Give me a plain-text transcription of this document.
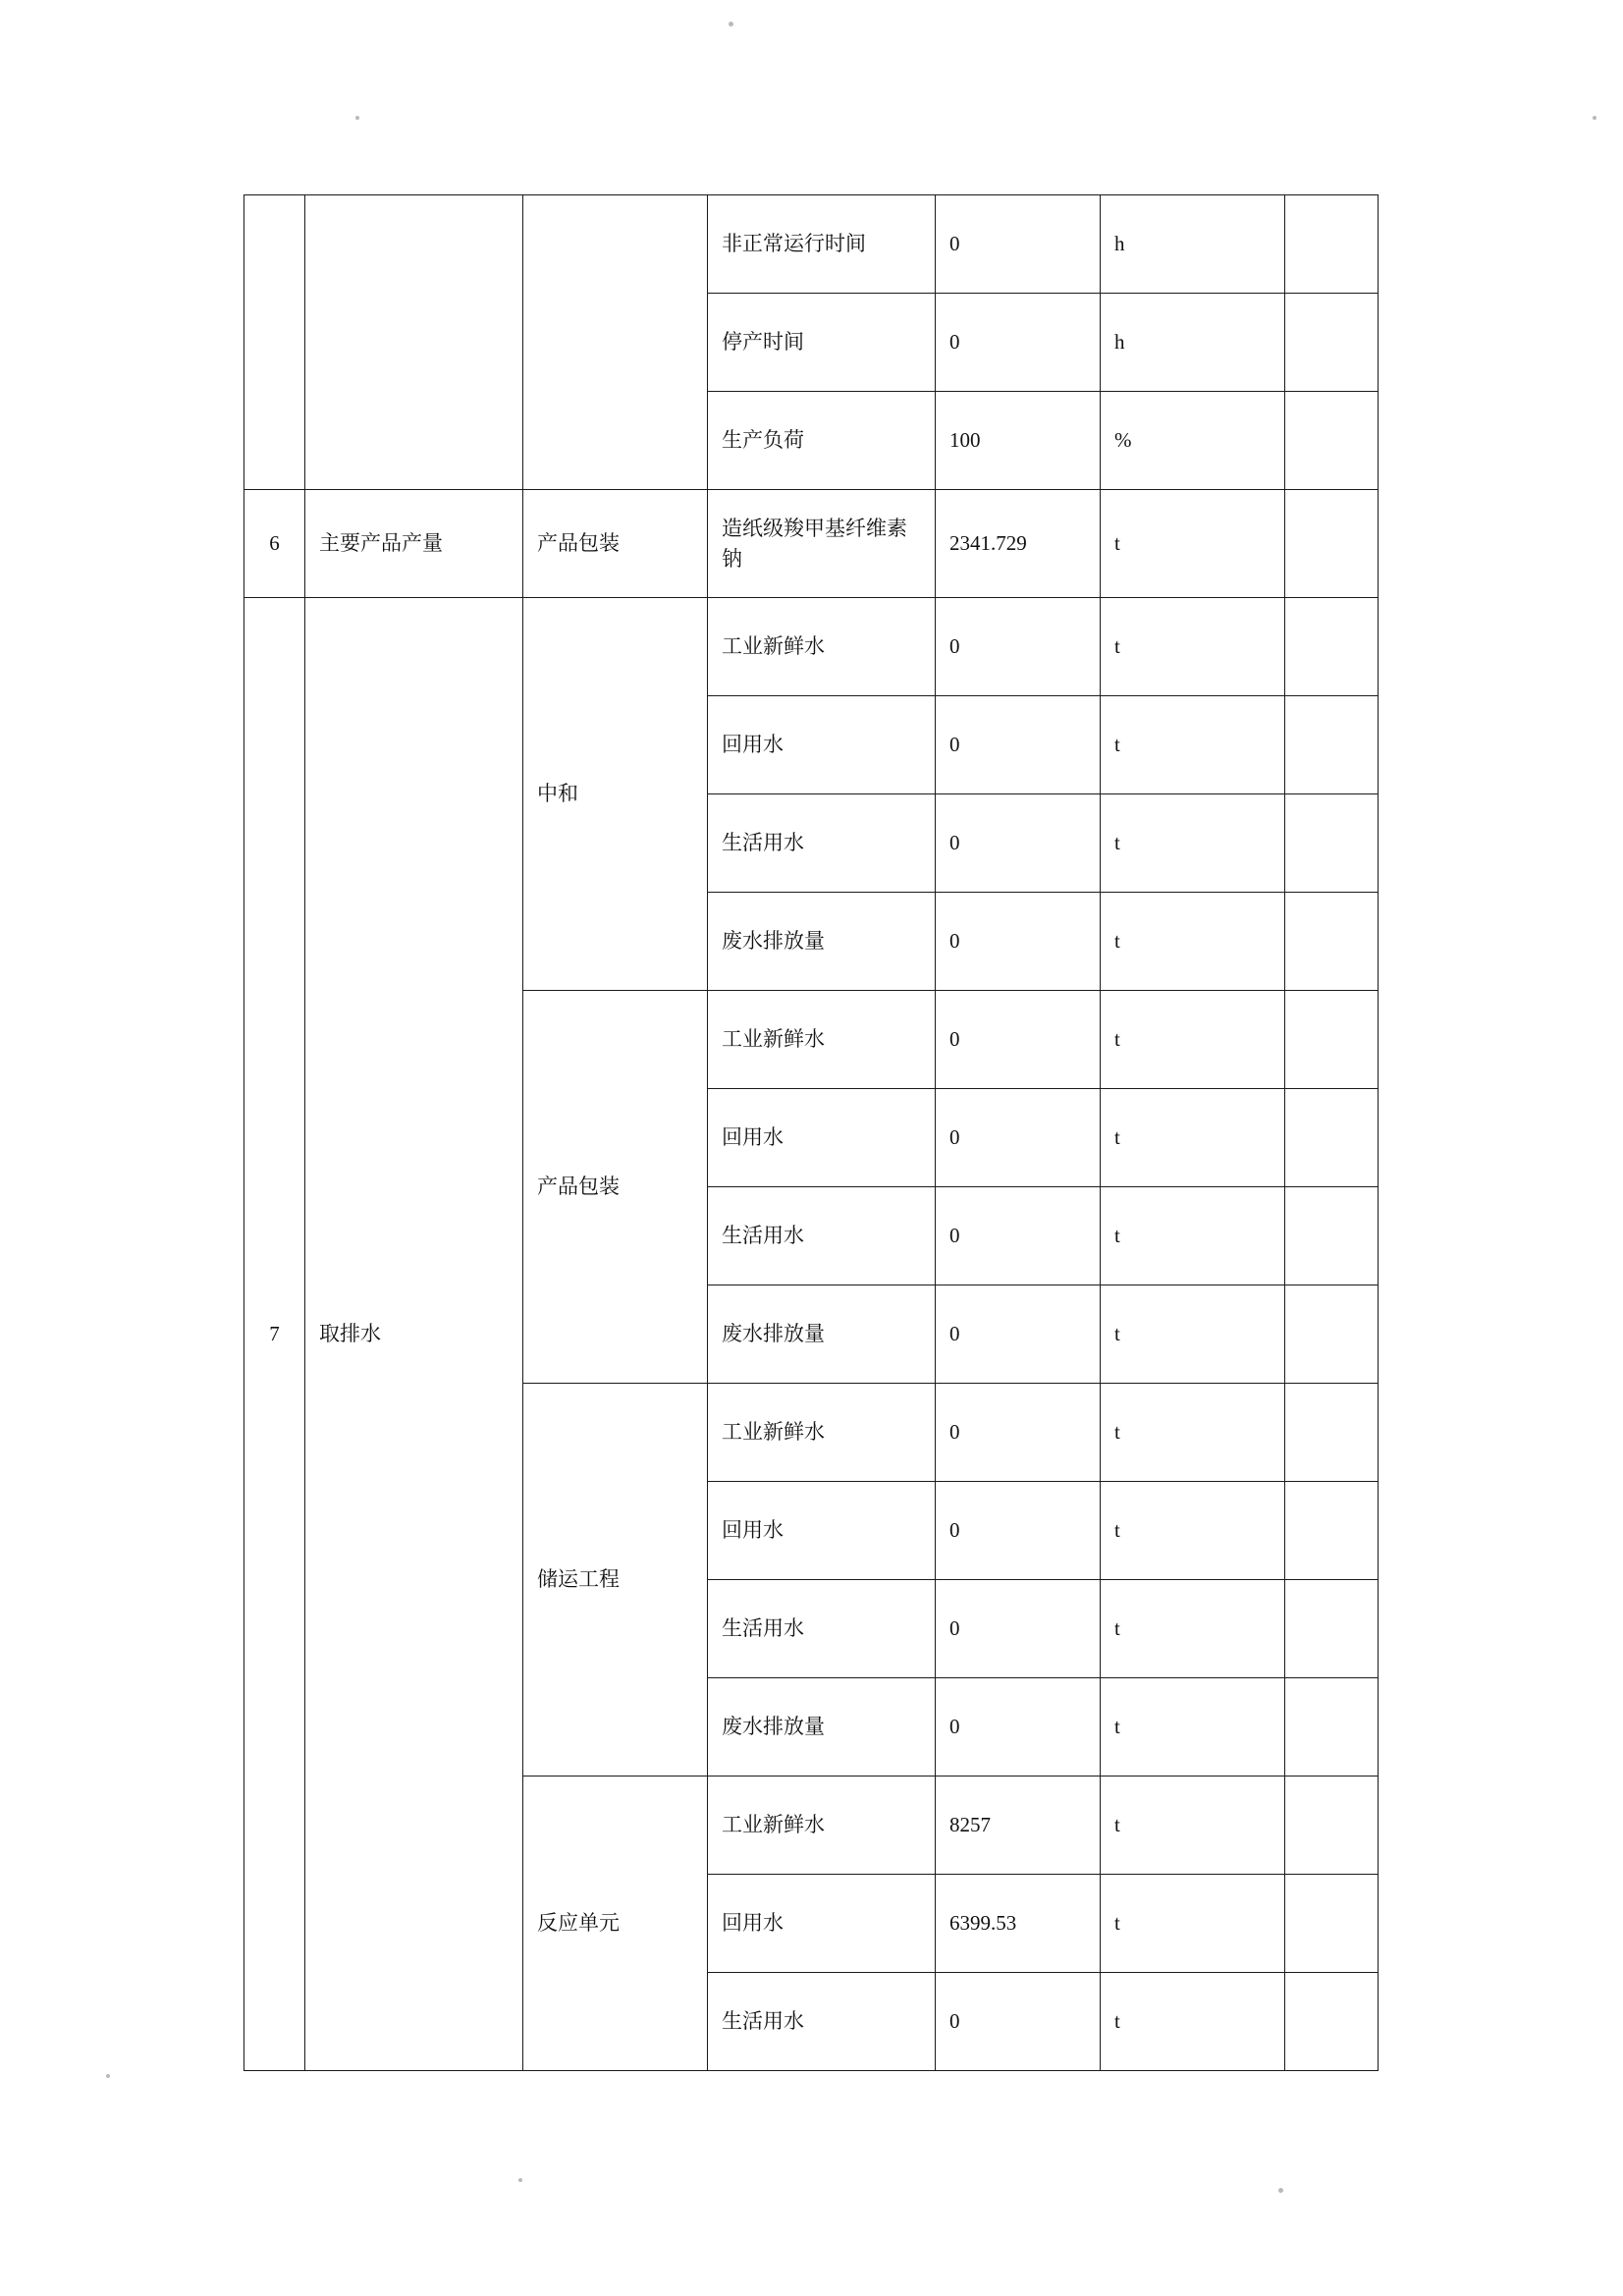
			非正常运行时间	0	h	
			停产时间	0	h	
			生产负荷	100	%	
6	主要产品产量	产品包装	造纸级羧甲基纤维素钠	2341.729	t	
7	取排水	中和	工业新鲜水	0	t	
			回用水	0	t	
			生活用水	0	t	
			废水排放量	0	t	
		产品包装	工业新鲜水	0	t	
			回用水	0	t	
			生活用水	0	t	
			废水排放量	0	t	
		储运工程	工业新鲜水	0	t	
			回用水	0	t	
			生活用水	0	t	
			废水排放量	0	t	
		反应单元	工业新鲜水	8257	t	
			回用水	6399.53	t	
			生活用水	0	t	
